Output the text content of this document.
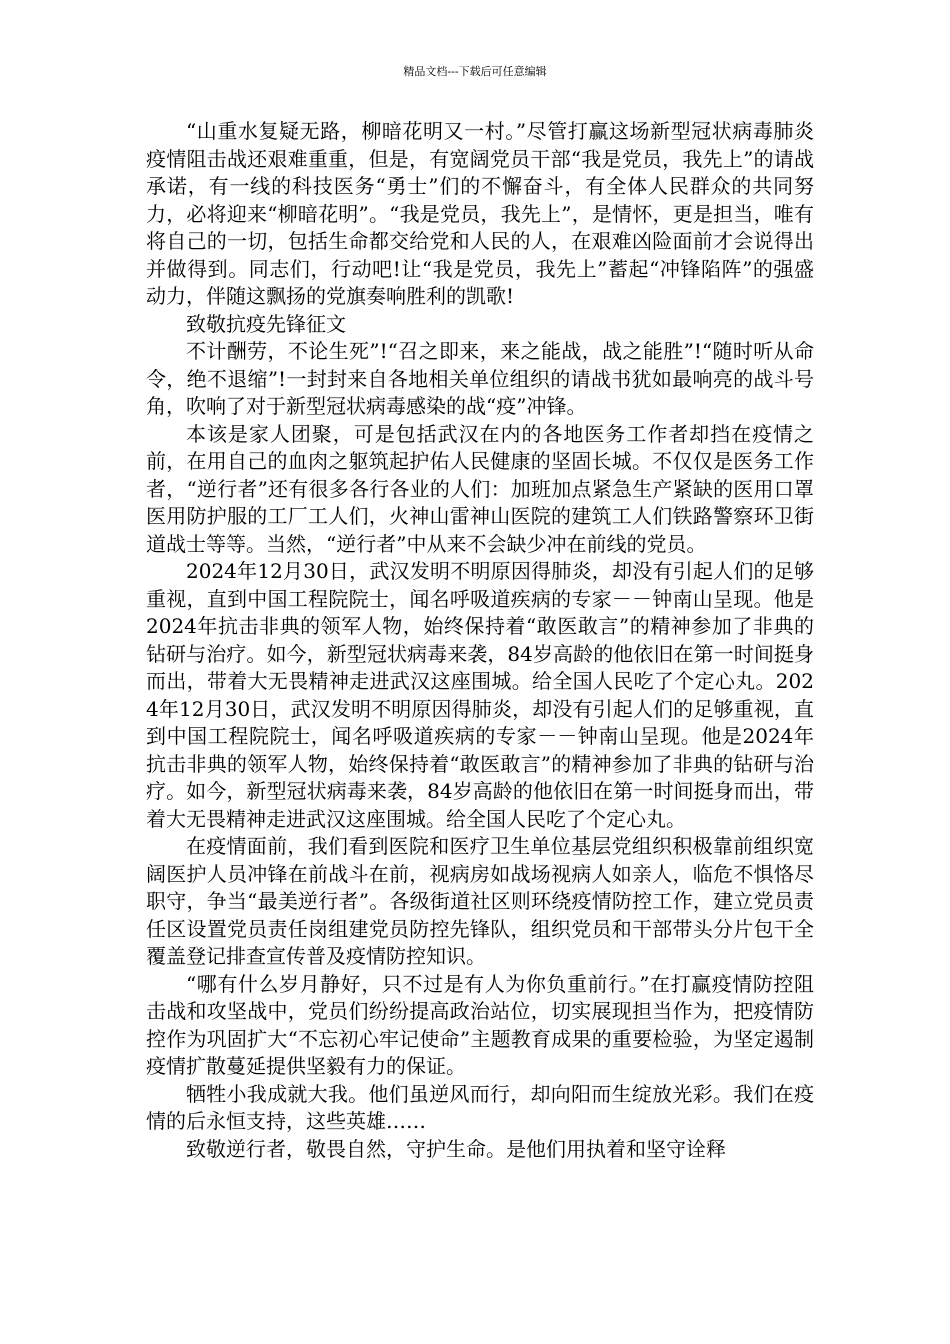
精品文档---下载后可任意编辑

“山重水复疑无路，柳暗花明又一村。”尽管打赢这场新型冠状病毒肺炎疫情阻击战还艰难重重，但是，有宽阔党员干部“我是党员，我先上”的请战承诺，有一线的科技医务“勇士”们的不懈奋斗，有全体人民群众的共同努力，必将迎来“柳暗花明”。“我是党员，我先上”，是情怀，更是担当，唯有将自己的一切，包括生命都交给党和人民的人，在艰难凶险面前才会说得出并做得到。同志们，行动吧!让“我是党员，我先上”蓄起“冲锋陷阵”的强盛动力，伴随这飘扬的党旗奏响胜利的凯歌!

致敬抗疫先锋征文

不计酬劳，不论生死”!“召之即来，来之能战，战之能胜”!“随时听从命令，绝不退缩”!一封封来自各地相关单位组织的请战书犹如最响亮的战斗号角，吹响了对于新型冠状病毒感染的战“疫”冲锋。

本该是家人团聚，可是包括武汉在内的各地医务工作者却挡在疫情之前，在用自己的血肉之躯筑起护佑人民健康的坚固长城。不仅仅是医务工作者，“逆行者”还有很多各行各业的人们：加班加点紧急生产紧缺的医用口罩医用防护服的工厂工人们，火神山雷神山医院的建筑工人们铁路警察环卫街道战士等等。当然，“逆行者”中从来不会缺少冲在前线的党员。

2024年12月30日，武汉发明不明原因得肺炎，却没有引起人们的足够重视，直到中国工程院院士，闻名呼吸道疾病的专家－－钟南山呈现。他是2024年抗击非典的领军人物，始终保持着“敢医敢言”的精神参加了非典的钻研与治疗。如今，新型冠状病毒来袭，84岁高龄的他依旧在第一时间挺身而出，带着大无畏精神走进武汉这座围城。给全国人民吃了个定心丸。2024年12月30日，武汉发明不明原因得肺炎，却没有引起人们的足够重视，直到中国工程院院士，闻名呼吸道疾病的专家－－钟南山呈现。他是2024年抗击非典的领军人物，始终保持着“敢医敢言”的精神参加了非典的钻研与治疗。如今，新型冠状病毒来袭，84岁高龄的他依旧在第一时间挺身而出，带着大无畏精神走进武汉这座围城。给全国人民吃了个定心丸。

在疫情面前，我们看到医院和医疗卫生单位基层党组织积极靠前组织宽阔医护人员冲锋在前战斗在前，视病房如战场视病人如亲人，临危不惧恪尽职守，争当“最美逆行者”。各级街道社区则环绕疫情防控工作，建立党员责任区设置党员责任岗组建党员防控先锋队，组织党员和干部带头分片包干全覆盖登记排查宣传普及疫情防控知识。

“哪有什么岁月静好，只不过是有人为你负重前行。”在打赢疫情防控阻击战和攻坚战中，党员们纷纷提高政治站位，切实展现担当作为，把疫情防控作为巩固扩大“不忘初心牢记使命”主题教育成果的重要检验，为坚定遏制疫情扩散蔓延提供坚毅有力的保证。

牺牲小我成就大我。他们虽逆风而行，却向阳而生绽放光彩。我们在疫情的后永恒支持，这些英雄……

致敬逆行者，敬畏自然，守护生命。是他们用执着和坚守诠释
